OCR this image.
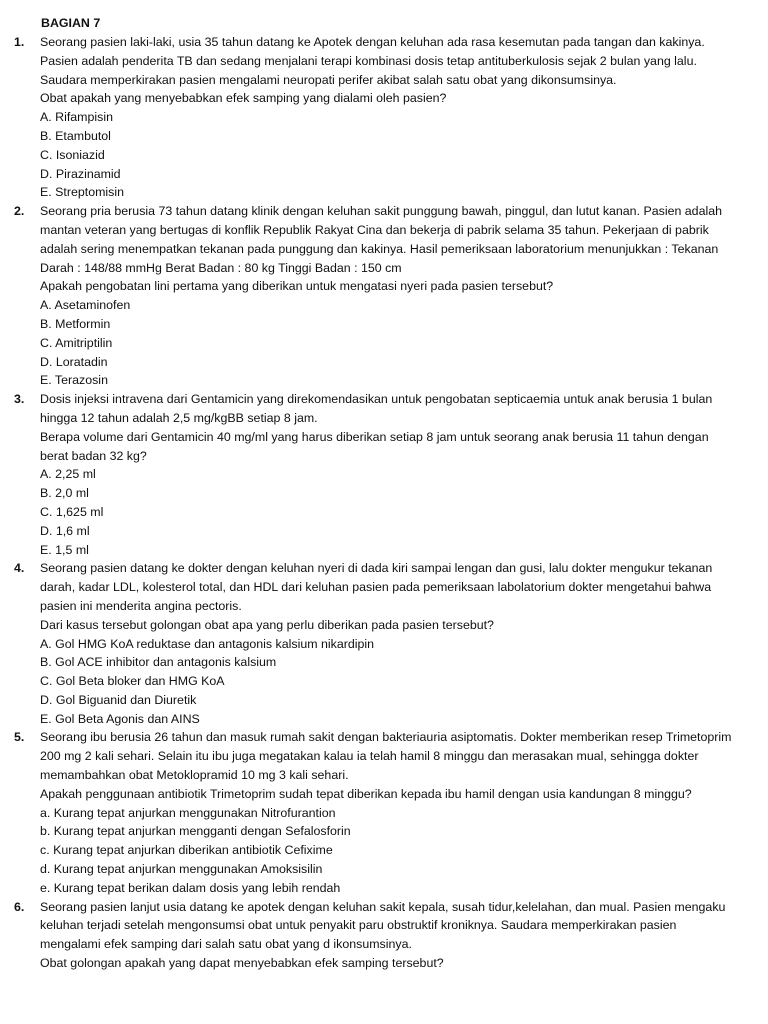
BAGIAN 7
1.	Seorang pasien laki-laki, usia 35 tahun datang ke Apotek dengan keluhan ada rasa kesemutan pada tangan dan kakinya. Pasien adalah penderita TB dan sedang menjalani terapi kombinasi dosis tetap antituberkulosis sejak 2 bulan yang lalu. Saudara memperkirakan pasien mengalami neuropati perifer akibat salah satu obat yang dikonsumsinya.

Obat apakah yang menyebabkan efek samping yang dialami oleh pasien?

A. Rifampisin
B. Etambutol
C. Isoniazid
D. Pirazinamid
E. Streptomisin
2.	Seorang pria berusia 73 tahun datang klinik dengan keluhan sakit punggung bawah, pinggul, dan lutut kanan. Pasien adalah mantan veteran yang bertugas di konflik Republik Rakyat Cina dan bekerja di pabrik selama 35 tahun. Pekerjaan di pabrik adalah sering menempatkan tekanan pada punggung dan kakinya. Hasil pemeriksaan laboratorium menunjukkan : Tekanan Darah : 148/88 mmHg Berat Badan : 80 kg Tinggi Badan : 150 cm

Apakah pengobatan lini pertama yang diberikan untuk mengatasi nyeri pada pasien tersebut?

A. Asetaminofen
B. Metformin
C. Amitriptilin
D. Loratadin
E. Terazosin
3.	Dosis injeksi intravena dari Gentamicin yang direkomendasikan untuk pengobatan septicaemia untuk anak berusia 1 bulan hingga 12 tahun adalah 2,5 mg/kgBB setiap 8 jam.

Berapa volume dari Gentamicin 40 mg/ml yang harus diberikan setiap 8 jam untuk seorang anak berusia 11 tahun dengan berat badan 32 kg?

A. 2,25 ml
B. 2,0 ml
C. 1,625 ml
D. 1,6 ml
E. 1,5 ml
4.	Seorang pasien datang ke dokter dengan keluhan nyeri di dada kiri sampai lengan dan gusi, lalu dokter mengukur tekanan darah, kadar LDL, kolesterol total, dan HDL dari keluhan pasien pada pemeriksaan labolatorium dokter mengetahui bahwa pasien ini menderita angina pectoris.

Dari kasus tersebut golongan obat apa yang perlu diberikan pada pasien tersebut?

A. Gol HMG KoA reduktase dan antagonis kalsium nikardipin
B. Gol ACE inhibitor dan antagonis kalsium
C. Gol Beta bloker dan HMG KoA
D. Gol Biguanid dan Diuretik
E. Gol Beta Agonis dan AINS
5.	Seorang ibu berusia 26 tahun dan masuk rumah sakit dengan bakteriauria asiptomatis. Dokter memberikan resep Trimetoprim 200 mg 2 kali sehari. Selain itu ibu juga megatakan kalau ia telah hamil 8 minggu dan merasakan mual, sehingga dokter memambahkan obat Metoklopramid 10 mg 3 kali sehari.

Apakah penggunaan antibiotik Trimetoprim sudah tepat diberikan kepada ibu hamil dengan usia kandungan 8 minggu?

a. Kurang tepat anjurkan menggunakan Nitrofurantion
b. Kurang tepat anjurkan mengganti dengan Sefalosforin
c. Kurang tepat anjurkan diberikan antibiotik Cefixime
d. Kurang tepat anjurkan menggunakan Amoksisilin
e. Kurang tepat berikan dalam dosis yang lebih rendah
6.	Seorang pasien lanjut usia datang ke apotek dengan keluhan sakit kepala, susah tidur,kelelahan, dan mual. Pasien mengaku keluhan terjadi setelah mengonsumsi obat untuk penyakit paru obstruktif kroniknya. Saudara memperkirakan pasien mengalami efek samping dari salah satu obat yang d ikonsumsinya.

Obat golongan apakah yang dapat menyebabkan efek samping tersebut?
